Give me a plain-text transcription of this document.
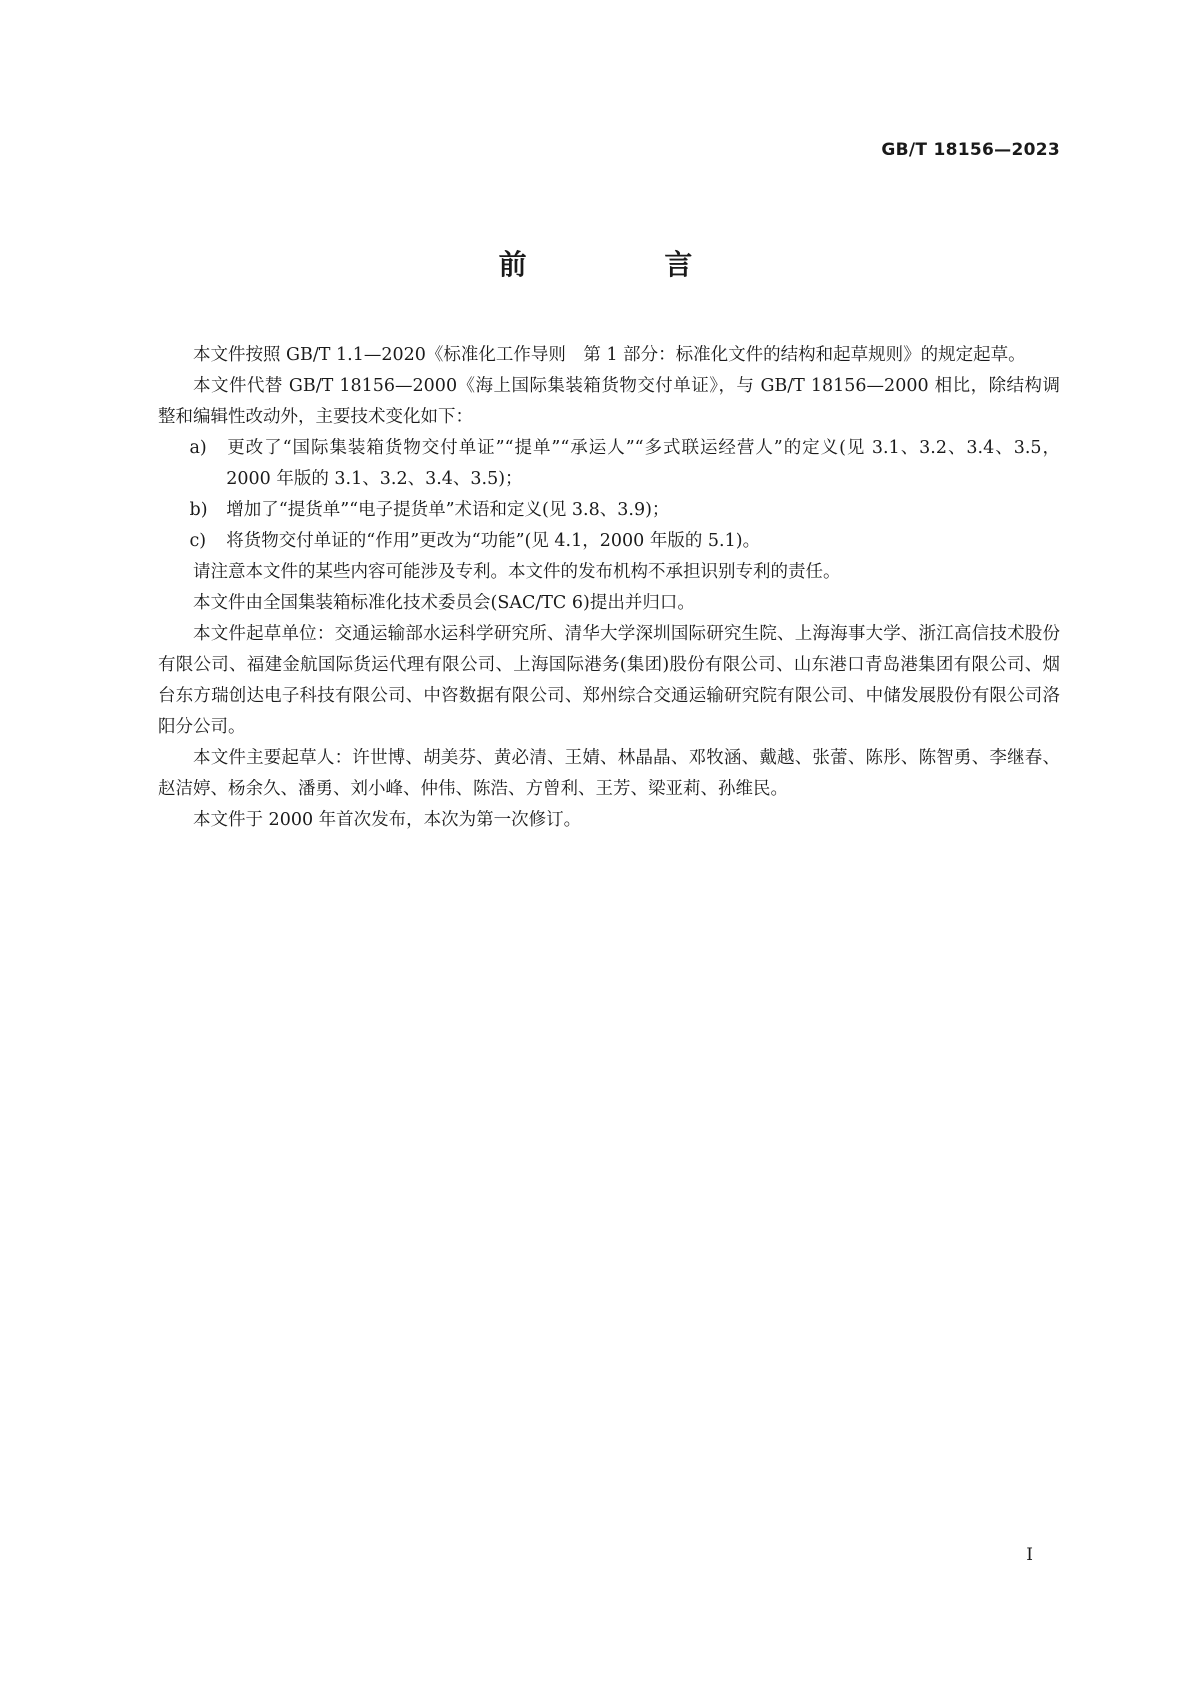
GB/T 18156—2023
前 言

本文件按照 GB/T 1.1—2020《标准化工作导则　第 1 部分：标准化文件的结构和起草规则》的规定起草。

本文件代替 GB/T 18156—2000《海上国际集装箱货物交付单证》，与 GB/T 18156—2000 相比，除结构调整和编辑性改动外，主要技术变化如下：

a) 更改了“国际集装箱货物交付单证”“提单”“承运人”“多式联运经营人”的定义(见 3.1、3.2、3.4、3.5，2000 年版的 3.1、3.2、3.4、3.5)；

b) 增加了“提货单”“电子提货单”术语和定义(见 3.8、3.9)；

c) 将货物交付单证的“作用”更改为“功能”(见 4.1，2000 年版的 5.1)。

请注意本文件的某些内容可能涉及专利。本文件的发布机构不承担识别专利的责任。

本文件由全国集装箱标准化技术委员会(SAC/TC 6)提出并归口。

本文件起草单位：交通运输部水运科学研究所、清华大学深圳国际研究生院、上海海事大学、浙江高信技术股份有限公司、福建金航国际货运代理有限公司、上海国际港务(集团)股份有限公司、山东港口青岛港集团有限公司、烟台东方瑞创达电子科技有限公司、中咨数据有限公司、郑州综合交通运输研究院有限公司、中储发展股份有限公司洛阳分公司。

本文件主要起草人：许世博、胡美芬、黄必清、王婧、林晶晶、邓牧涵、戴越、张蕾、陈彤、陈智勇、李继春、赵洁婷、杨余久、潘勇、刘小峰、仲伟、陈浩、方曾利、王芳、梁亚莉、孙维民。

本文件于 2000 年首次发布，本次为第一次修订。

I
